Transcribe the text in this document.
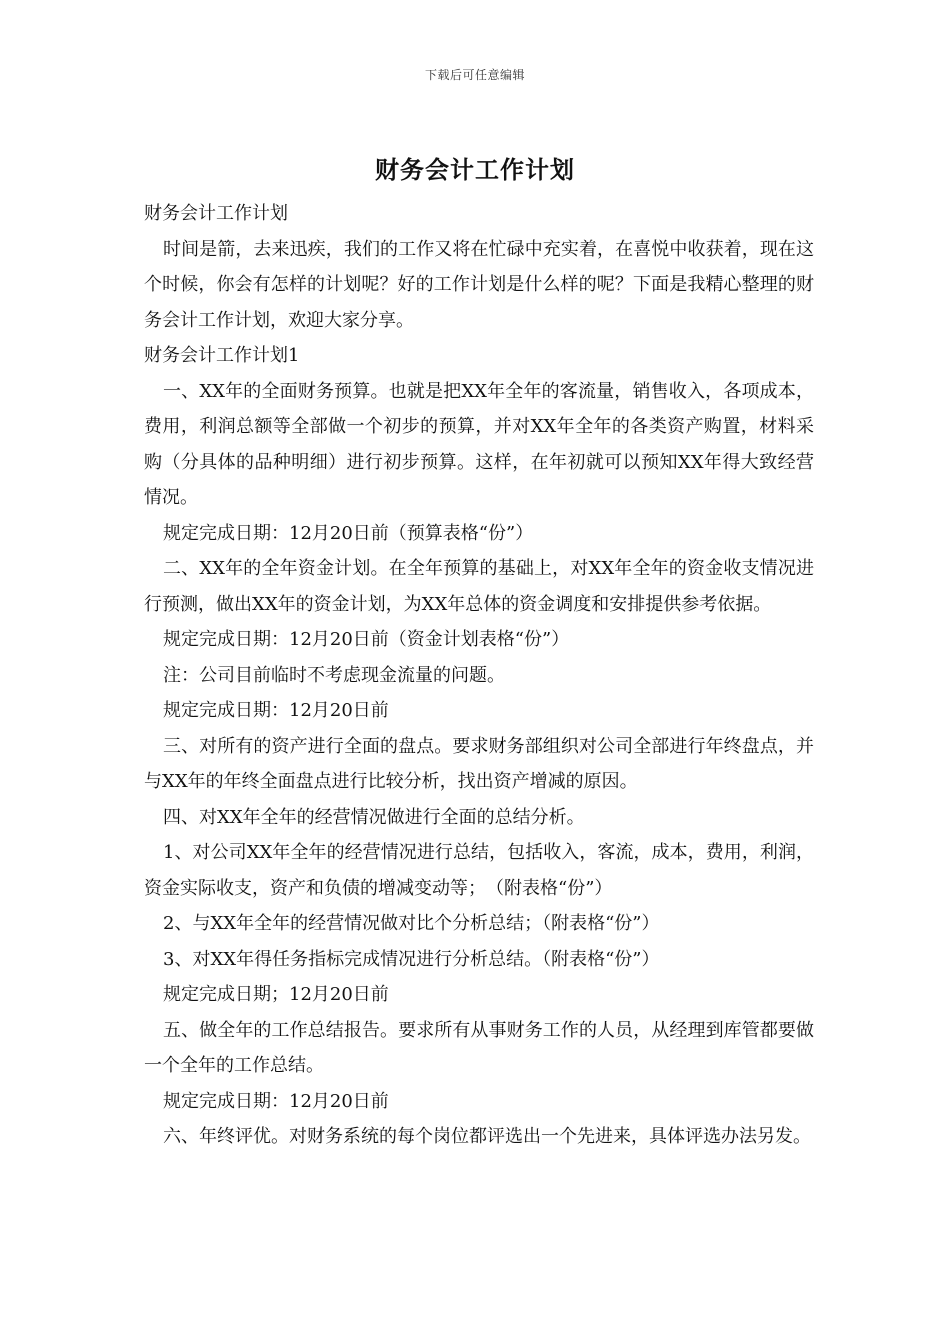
下载后可任意编辑
财务会计工作计划

财务会计工作计划

时间是箭，去来迅疾，我们的工作又将在忙碌中充实着，在喜悦中收获着，现在这个时候，你会有怎样的计划呢？好的工作计划是什么样的呢？下面是我精心整理的财务会计工作计划，欢迎大家分享。

财务会计工作计划1

一、XX年的全面财务预算。也就是把XX年全年的客流量，销售收入，各项成本，费用，利润总额等全部做一个初步的预算，并对XX年全年的各类资产购置，材料采购（分具体的品种明细）进行初步预算。这样，在年初就可以预知XX年得大致经营情况。

规定完成日期：12月20日前（预算表格“份”）

二、XX年的全年资金计划。在全年预算的基础上，对XX年全年的资金收支情况进行预测，做出XX年的资金计划，为XX年总体的资金调度和安排提供参考依据。

规定完成日期：12月20日前（资金计划表格“份”）

注：公司目前临时不考虑现金流量的问题。

规定完成日期：12月20日前

三、对所有的资产进行全面的盘点。要求财务部组织对公司全部进行年终盘点，并与XX年的年终全面盘点进行比较分析，找出资产增减的原因。

四、对XX年全年的经营情况做进行全面的总结分析。

1、对公司XX年全年的经营情况进行总结，包括收入，客流，成本，费用，利润，资金实际收支，资产和负债的增减变动等；　（附表格“份”）

2、与XX年全年的经营情况做对比个分析总结；（附表格“份”）

3、对XX年得任务指标完成情况进行分析总结。（附表格“份”）

规定完成日期；12月20日前

五、做全年的工作总结报告。要求所有从事财务工作的人员，从经理到库管都要做一个全年的工作总结。

规定完成日期：12月20日前

六、年终评优。对财务系统的每个岗位都评选出一个先进来，具体评选办法另发。
